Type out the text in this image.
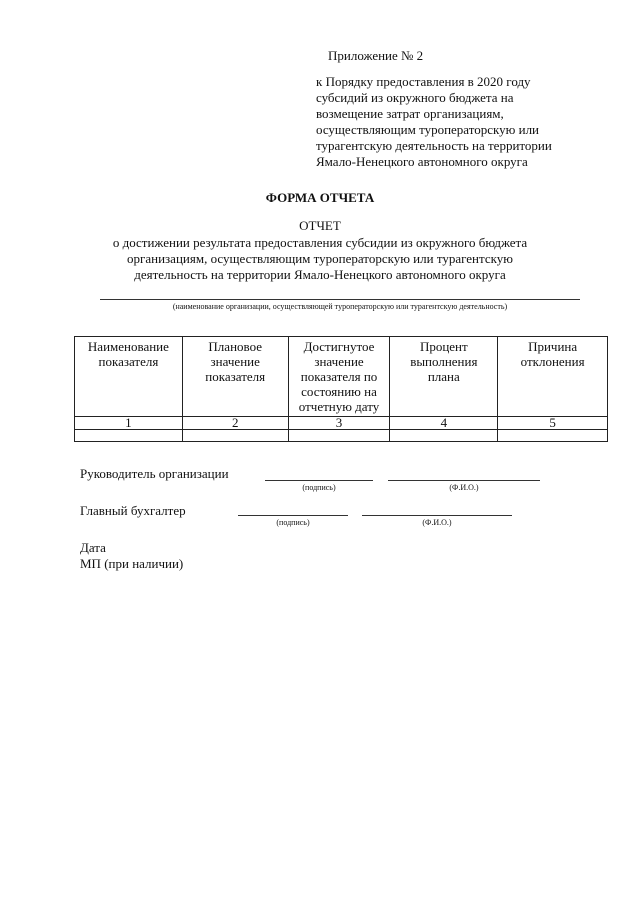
Приложение № 2
к Порядку предоставления в 2020 году
субсидий из окружного бюджета на
возмещение затрат организациям,
осуществляющим туроператорскую или
турагентскую деятельность на территории
Ямало-Ненецкого автономного округа
ФОРМА ОТЧЕТА
ОТЧЕТ
о достижении результата предоставления субсидии из окружного бюджета
организациям, осуществляющим туроператорскую или турагентскую
деятельность на территории Ямало-Ненецкого автономного округа
(наименование организации, осуществляющей туроператорскую или турагентскую деятельность)
Наименование показателя	Плановое значение показателя	Достигнутое значение показателя по состоянию на отчетную дату	Процент выполнения плана	Причина отклонения
1	2	3	4	5

Руководитель организации
(подпись)	(Ф.И.О.)
Главный бухгалтер
(подпись)	(Ф.И.О.)
Дата
МП (при наличии)
